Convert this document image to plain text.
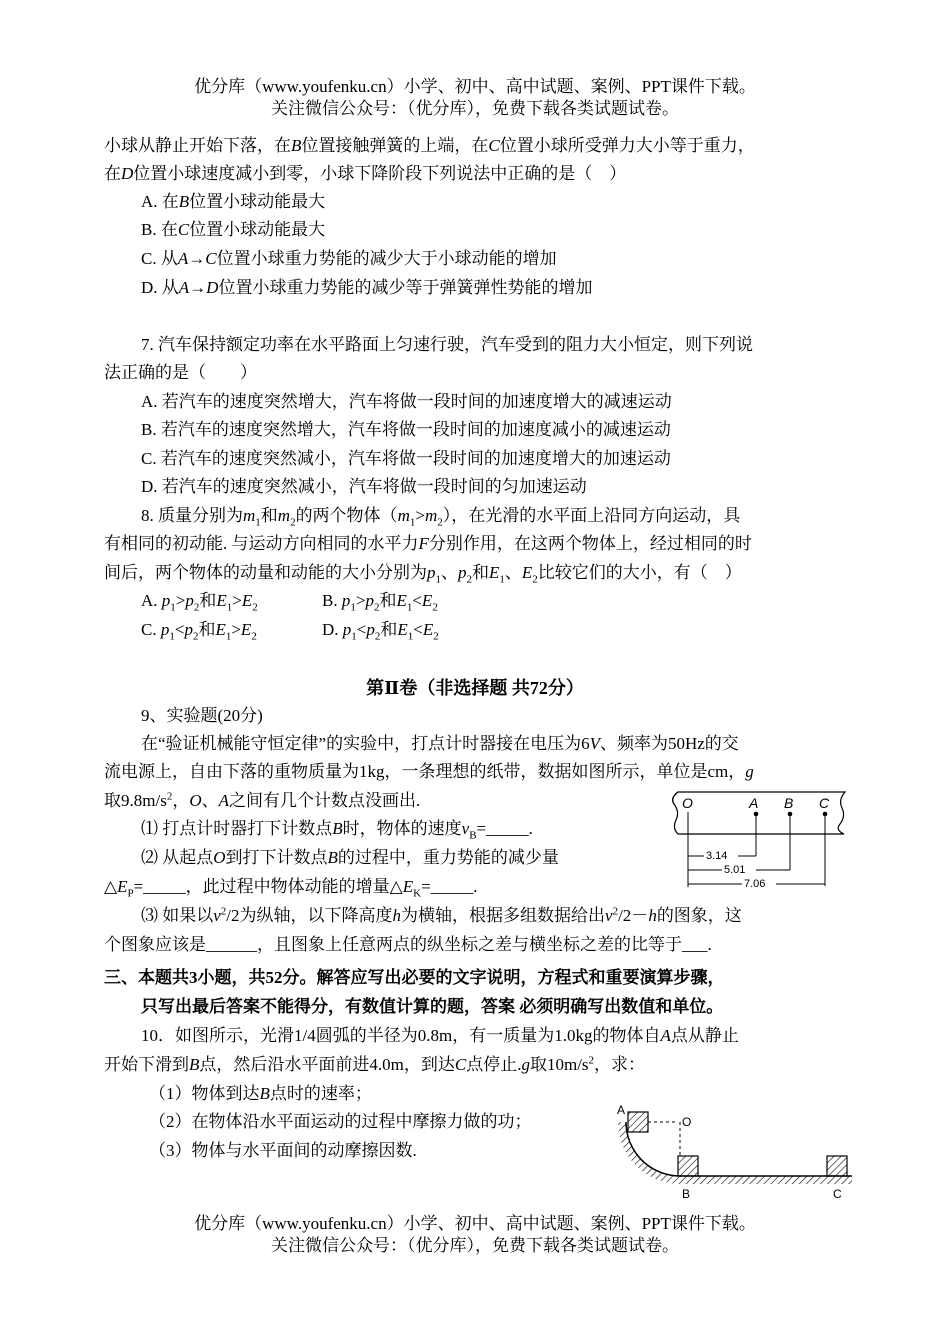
优分库（www.youfenku.cn）小学、初中、高中试题、案例、PPT课件下载。
关注微信公众号：（优分库），免费下载各类试题试卷。
小球从静止开始下落，在B位置接触弹簧的上端，在C位置小球所受弹力大小等于重力，
在D位置小球速度减小到零，小球下降阶段下列说法中正确的是（　）
A. 在B位置小球动能最大
B. 在C位置小球动能最大
C. 从A→C位置小球重力势能的减少大于小球动能的增加
D. 从A→D位置小球重力势能的减少等于弹簧弹性势能的增加
7. 汽车保持额定功率在水平路面上匀速行驶，汽车受到的阻力大小恒定，则下列说
法正确的是（　　）
A. 若汽车的速度突然增大，汽车将做一段时间的加速度增大的减速运动
B. 若汽车的速度突然增大，汽车将做一段时间的加速度减小的减速运动
C. 若汽车的速度突然减小，汽车将做一段时间的加速度增大的加速运动
D. 若汽车的速度突然减小，汽车将做一段时间的匀加速运动
8. 质量分别为$m_1$和$m_2$的两个物体$(m_1>m_2)$，在光滑的水平面上沿同方向运动，具
有相同的初动能. 与运动方向相同的水平力F分别作用，在这两个物体上，经过相同的时
间后，两个物体的动量和动能的大小分别为$p_1$、$p_2$和$E_1$、$E_2$比较它们的大小，有（　）
A. $p_1>p_2$和$E_1>E_2$	B. $p_1>p_2$和$E_1<E_2$
C. $p_1<p_2$和$E_1>E_2$	D. $p_1<p_2$和$E_1<E_2$
第Ⅱ卷（非选择题 共72分）
9、实验题(20分)
在“验证机械能守恒定律”的实验中，打点计时器接在电压为6V、频率为50Hz的交
流电源上，自由下落的重物质量为1kg，一条理想的纸带，数据如图所示，单位是cm，g
取$9.8m/s^2$，O、A之间有几个计数点没画出.
⑴ 打点计时器打下计数点B时，物体的速度$v_B=\_\_\_\_\_$.
⑵ 从起点O到打下计数点B的过程中，重力势能的减少量
$\triangle E_P=\_\_\_\_\_$，此过程中物体动能的增量$\triangle E_K=\_\_\_\_\_$.
⑶ 如果以$v^2/2$为纵轴，以下降高度h为横轴，根据多组数据给出$v^2/2-h$的图象，这
个图象应该是______，且图象上任意两点的纵坐标之差与横坐标之差的比等于___.
O	A B C
3.14
5.01
7.06
三、本题共3小题，共52分。解答应写出必要的文字说明，方程式和重要演算步骤，
只写出最后答案不能得分，有数值计算的题，答案 必须明确写出数值和单位。
10．如图所示，光滑1/4圆弧的半径为0.8m，有一质量为1.0kg的物体自A点从静止
开始下滑到B点，然后沿水平面前进4.0m，到达C点停止.g取$10m/s^2$，求：
（1）物体到达B点时的速率；
（2）在物体沿水平面运动的过程中摩擦力做的功；
（3）物体与水平面间的动摩擦因数.
A
O
B	C
优分库（www.youfenku.cn）小学、初中、高中试题、案例、PPT课件下载。
关注微信公众号：（优分库），免费下载各类试题试卷。
